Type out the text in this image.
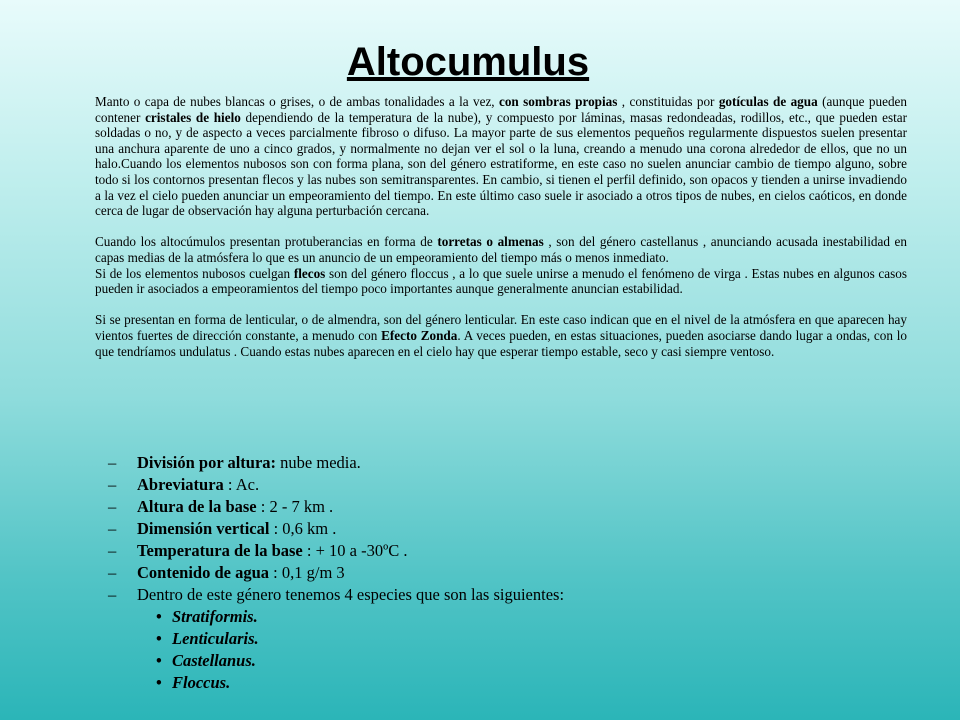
Altocumulus

Manto o capa de nubes blancas o grises, o de ambas tonalidades a la vez, con sombras propias , constituidas por gotículas de agua (aunque pueden contener cristales de hielo dependiendo de la temperatura de la nube), y compuesto por láminas, masas redondeadas, rodillos, etc., que pueden estar soldadas o no, y de aspecto a veces parcialmente fibroso o difuso. La mayor parte de sus elementos pequeños regularmente dispuestos suelen presentar una anchura aparente de uno a cinco grados, y normalmente no dejan ver el sol o la luna, creando a menudo una corona alrededor de ellos, que no un halo.Cuando los elementos nubosos son con forma plana, son del género estratiforme, en este caso no suelen anunciar cambio de tiempo alguno, sobre todo si los contornos presentan flecos y las nubes son semitransparentes. En cambio, si tienen el perfil definido, son opacos y tienden a unirse invadiendo a la vez el cielo pueden anunciar un empeoramiento del tiempo. En este último caso suele ir asociado a otros tipos de nubes, en cielos caóticos, en donde cerca de lugar de observación hay alguna perturbación cercana.

Cuando los altocúmulos presentan protuberancias en forma de torretas o almenas , son del género castellanus , anunciando acusada inestabilidad en capas medias de la atmósfera lo que es un anuncio de un empeoramiento del tiempo más o menos inmediato.

Si de los elementos nubosos cuelgan flecos son del género floccus , a lo que suele unirse a menudo el fenómeno de virga . Estas nubes en algunos casos pueden ir asociados a empeoramientos del tiempo poco importantes aunque generalmente anuncian estabilidad.

Si se presentan en forma de lenticular, o de almendra, son del género lenticular. En este caso indican que en el nivel de la atmósfera en que aparecen hay vientos fuertes de dirección constante, a menudo con Efecto Zonda. A veces pueden, en estas situaciones, pueden asociarse dando lugar a ondas, con lo que tendríamos undulatus . Cuando estas nubes aparecen en el cielo hay que esperar tiempo estable, seco y casi siempre ventoso.

– División por altura: nube media.
– Abreviatura : Ac.
– Altura de la base : 2 - 7 km .
– Dimensión vertical : 0,6 km .
– Temperatura de la base : + 10 a -30ºC .
– Contenido de agua : 0,1 g/m 3
– Dentro de este género tenemos 4 especies que son las siguientes:
• Stratiformis.
• Lenticularis.
• Castellanus.
• Floccus.
